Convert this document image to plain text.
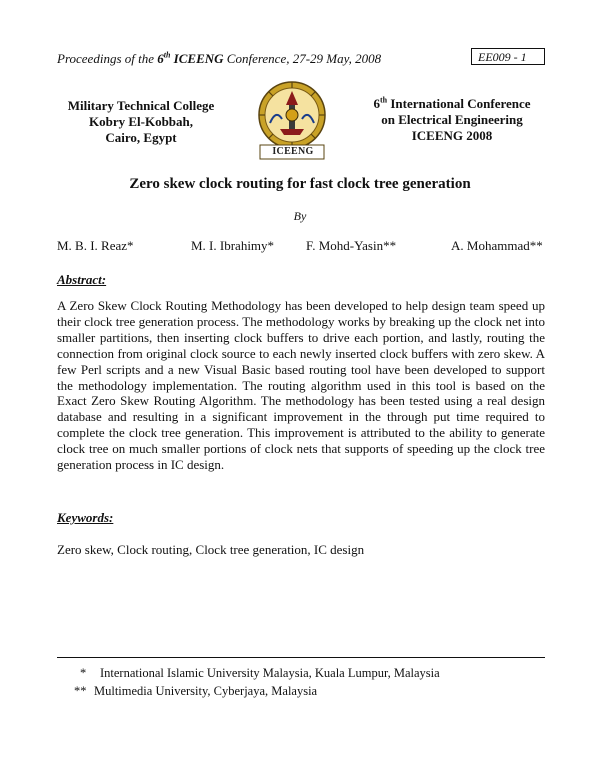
Proceedings of the 6th ICEENG Conference, 27-29 May, 2008	EE009 - 1
Military Technical College
Kobry El-Kobbah,
Cairo, Egypt
ICEENG
6th International Conference
on Electrical Engineering
ICEENG 2008
Zero skew clock routing for fast clock tree generation
By
M. B. I. Reaz*	M. I. Ibrahimy* F. Mohd-Yasin**	A. Mohammad**
Abstract:
A Zero Skew Clock Routing Methodology has been developed to help design team speed up their clock tree generation process. The methodology works by breaking up the clock net into smaller partitions, then inserting clock buffers to drive each portion, and lastly, routing the connection from original clock source to each newly inserted clock buffers with zero skew. A few Perl scripts and a new Visual Basic based routing tool have been developed to support the methodology implementation. The routing algorithm used in this tool is based on the Exact Zero Skew Routing Algorithm. The methodology has been tested using a real design database and resulting in a significant improvement in the through put time required to complete the clock tree generation. This improvement is attributed to the ability to generate clock tree on much smaller portions of clock nets that supports of speeding up the clock tree generation process in IC design.
Keywords:
Zero skew, Clock routing, Clock tree generation, IC design
* International Islamic University Malaysia, Kuala Lumpur, Malaysia
** Multimedia University, Cyberjaya, Malaysia
